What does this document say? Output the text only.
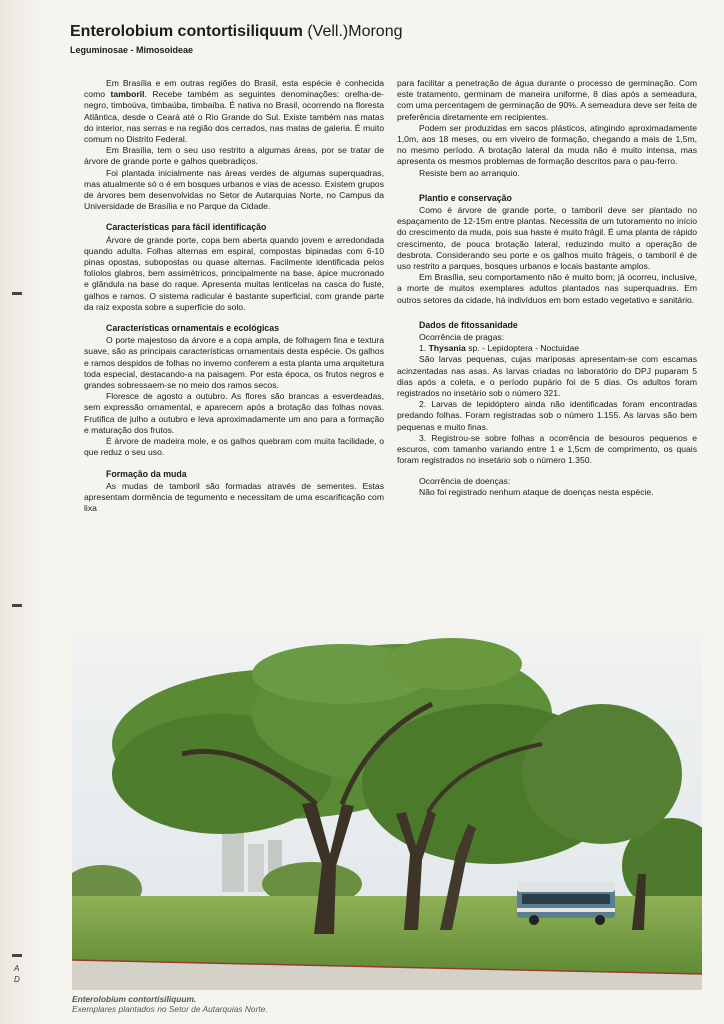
A
D
Enterolobium contortisiliquum (Vell.)Morong
Leguminosae - Mimosoideae

Em Brasília e em outras regiões do Brasil, esta espécie é conhecida como tamboril. Recebe também as seguintes denominações: orelha-de-negro, timboúva, timbaúba, timbaíba. É nativa no Brasil, ocorrendo na floresta Atlântica, desde o Ceará até o Rio Grande do Sul. Existe também nas matas do interior, nas serras e na região dos cerrados, nas matas de galeria. É muito comum no Distrito Federal.

Em Brasília, tem o seu uso restrito a algumas áreas, por se tratar de árvore de grande porte e galhos quebradiços.

Foi plantada inicialmente nas áreas verdes de algumas superquadras, mas atualmente só o é em bosques urbanos e vias de acesso. Existem grupos de árvores bem desenvolvidas no Setor de Autarquias Norte, no Campus da Universidade de Brasília e no Parque da Cidade.

Características para fácil identificação

Árvore de grande porte, copa bem aberta quando jovem e arredondada quando adulta. Folhas alternas em espiral, compostas bipinadas com 6-10 pinas opostas, subopostas ou quase alternas. Facilmente identificada pelos folíolos glabros, bem assimétricos, principalmente na base, ápice mucronado e glândula na base do raque. Apresenta muitas lenticelas na casca do fuste, galhos e ramos. O sistema radicular é bastante superficial, com grande parte da raiz exposta sobre a superfície do solo.

Características ornamentais e ecológicas

O porte majestoso da árvore e a copa ampla, de folhagem fina e textura suave, são as principais características ornamentais desta espécie. Os galhos e ramos despidos de folhas no inverno conferem a esta planta uma arquitetura toda especial, destacando-a na paisagem. Por esta época, os frutos negros e grandes sobressaem-se no meio dos ramos secos.

Floresce de agosto a outubro. As flores são brancas a esverdeadas, sem expressão ornamental, e aparecem após a brotação das folhas novas. Frutifica de julho a outubro e leva aproximadamente um ano para a formação e maturação dos frutos.

É árvore de madeira mole, e os galhos quebram com muita facilidade, o que reduz o seu uso.

Formação da muda

As mudas de tamboril são formadas através de sementes. Estas apresentam dormência de tegumento e necessitam de uma escarificação com lixa

para facilitar a penetração de água durante o processo de germinação. Com este tratamento, germinam de maneira uniforme, 8 dias após a semeadura, com uma percentagem de germinação de 90%. A semeadura deve ser feita de preferência diretamente em recipientes.

Podem ser produzidas em sacos plásticos, atingindo aproximadamente 1,0m, aos 18 meses, ou em viveiro de formação, chegando a mais de 1,5m, no mesmo período. A brotação lateral da muda não é muito intensa, mas apresenta os mesmos problemas de formação descritos para o pau-ferro.

Resiste bem ao arranquio.

Plantio e conservação

Como é árvore de grande porte, o tamboril deve ser plantado no espaçamento de 12-15m entre plantas. Necessita de um tutoramento no início do crescimento da muda, pois sua haste é muito frágil. É uma planta de rápido crescimento, de pouca brotação lateral, reduzindo muito a operação de desbrota. Considerando seu porte e os galhos muito frágeis, o tamboril é de uso restrito a parques, bosques urbanos e locais bastante amplos.

Em Brasília, seu comportamento não é muito bom; já ocorreu, inclusive, a morte de muitos exemplares adultos plantados nas superquadras. Em outros setores da cidade, há indivíduos em bom estado vegetativo e sanitário.

Dados de fitossanidade

Ocorrência de pragas:

1. Thysania sp. - Lepidoptera - Noctuidae

São larvas pequenas, cujas mariposas apresentam-se com escamas acinzentadas nas asas. As larvas criadas no laboratório do DPJ puparam 5 dias após a coleta, e o período pupário foi de 5 dias. Os adultos foram registrados no insetário sob o número 321.

2. Larvas de lepidóptero ainda não identificadas foram encontradas predando folhas. Foram registradas sob o número 1.155. As larvas são bem pequenas e muito finas.

3. Registrou-se sobre folhas a ocorrência de besouros pequenos e escuros, com tamanho variando entre 1 e 1,5cm de comprimento, os quais foram registrados no insetário sob o número 1.350.

Ocorrência de doenças:

Não foi registrado nenhum ataque de doenças nesta espécie.

Enterolobium contortisiliquum.
Exemplares plantados no Setor de Autarquias Norte.
